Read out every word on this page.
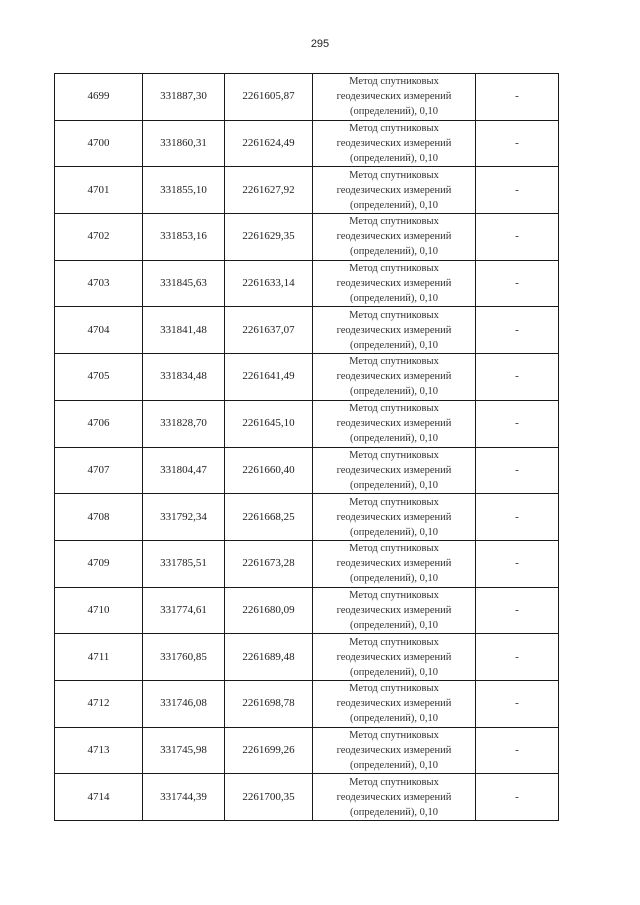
295
4699	331887,30	2261605,87	Метод спутниковых
геодезических измерений
(определений), 0,10	-
4700	331860,31	2261624,49	Метод спутниковых
геодезических измерений
(определений), 0,10	-
4701	331855,10	2261627,92	Метод спутниковых
геодезических измерений
(определений), 0,10	-
4702	331853,16	2261629,35	Метод спутниковых
геодезических измерений
(определений), 0,10	-
4703	331845,63	2261633,14	Метод спутниковых
геодезических измерений
(определений), 0,10	-
4704	331841,48	2261637,07	Метод спутниковых
геодезических измерений
(определений), 0,10	-
4705	331834,48	2261641,49	Метод спутниковых
геодезических измерений
(определений), 0,10	-
4706	331828,70	2261645,10	Метод спутниковых
геодезических измерений
(определений), 0,10	-
4707	331804,47	2261660,40	Метод спутниковых
геодезических измерений
(определений), 0,10	-
4708	331792,34	2261668,25	Метод спутниковых
геодезических измерений
(определений), 0,10	-
4709	331785,51	2261673,28	Метод спутниковых
геодезических измерений
(определений), 0,10	-
4710	331774,61	2261680,09	Метод спутниковых
геодезических измерений
(определений), 0,10	-
4711	331760,85	2261689,48	Метод спутниковых
геодезических измерений
(определений), 0,10	-
4712	331746,08	2261698,78	Метод спутниковых
геодезических измерений
(определений), 0,10	-
4713	331745,98	2261699,26	Метод спутниковых
геодезических измерений
(определений), 0,10	-
4714	331744,39	2261700,35	Метод спутниковых
геодезических измерений
(определений), 0,10	-
